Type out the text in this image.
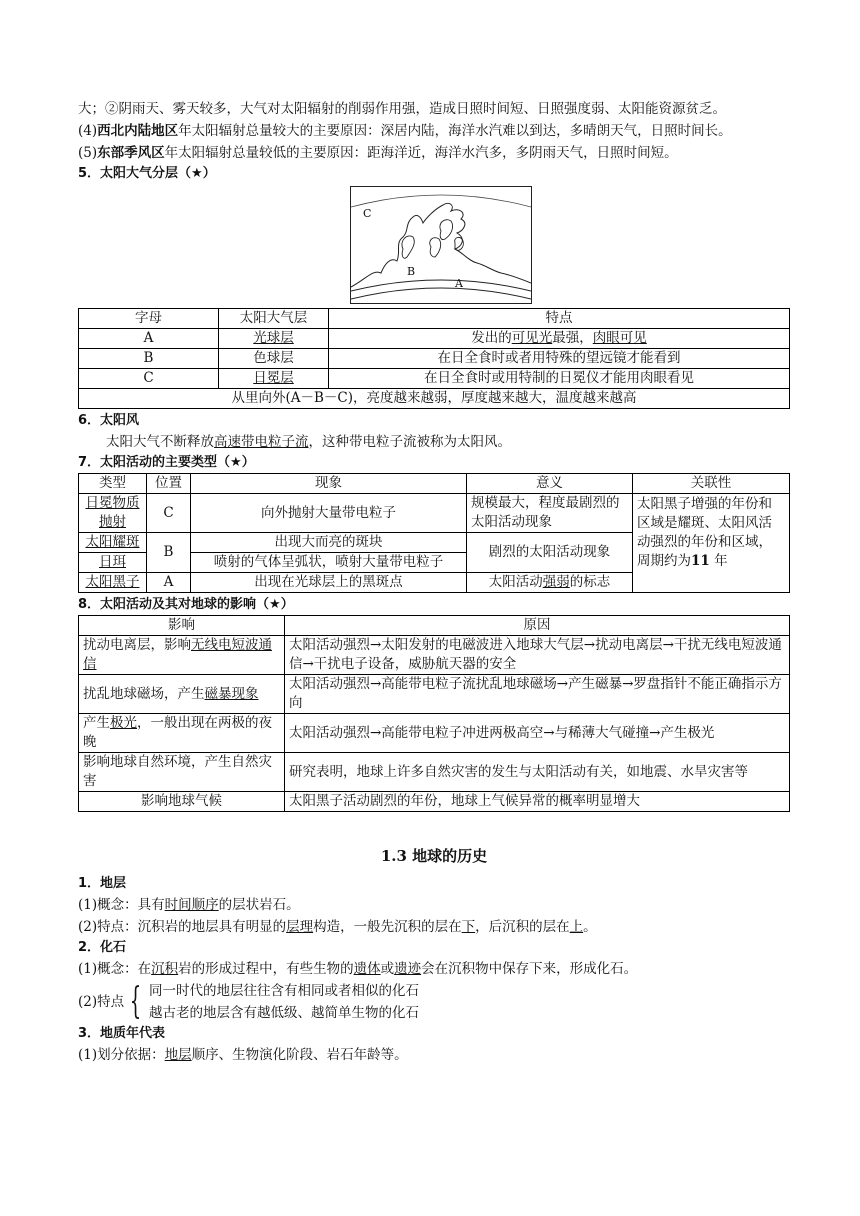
大；②阴雨天、雾天较多，大气对太阳辐射的削弱作用强，造成日照时间短、日照强度弱、太阳能资源贫乏。

(4)西北内陆地区年太阳辐射总量较大的主要原因：深居内陆，海洋水汽难以到达，多晴朗天气，日照时间长。

(5)东部季风区年太阳辐射总量较低的主要原因：距海洋近，海洋水汽多，多阴雨天气，日照时间短。

5．太阳大气分层（★）

C
B
A
字母	太阳大气层	特点
A	光球层	发出的可见光最强，肉眼可见
B	色球层	在日全食时或者用特殊的望远镜才能看到
C	日冕层	在日全食时或用特制的日冕仪才能用肉眼看见
从里向外(A－B－C)，亮度越来越弱，厚度越来越大，温度越来越高		

6．太阳风

太阳大气不断释放高速带电粒子流，这种带电粒子流被称为太阳风。

7．太阳活动的主要类型（★）

类型	位置	现象	意义	关联性
日冕物质抛射	C	向外抛射大量带电粒子	规模最大，程度最剧烈的太阳活动现象	太阳黑子增强的年份和区域是耀斑、太阳风活动强烈的年份和区域，周期约为11 年
太阳耀斑	B	出现大而亮的斑块	剧烈的太阳活动现象	
日珥		喷射的气体呈弧状，喷射大量带电粒子		
太阳黑子	A	出现在光球层上的黑斑点	太阳活动强弱的标志	

8．太阳活动及其对地球的影响（★）

影响	原因
扰动电离层，影响无线电短波通信	太阳活动强烈→太阳发射的电磁波进入地球大气层→扰动电离层→干扰无线电短波通信→干扰电子设备，威胁航天器的安全
扰乱地球磁场，产生磁暴现象	太阳活动强烈→高能带电粒子流扰乱地球磁场→产生磁暴→罗盘指针不能正确指示方向
产生极光，一般出现在两极的夜晚	太阳活动强烈→高能带电粒子冲进两极高空→与稀薄大气碰撞→产生极光
影响地球自然环境，产生自然灾害	研究表明，地球上许多自然灾害的发生与太阳活动有关，如地震、水旱灾害等
影响地球气候	太阳黑子活动剧烈的年份，地球上气候异常的概率明显增大

1.3 地球的历史

1．地层

(1)概念：具有时间顺序的层状岩石。

(2)特点：沉积岩的地层具有明显的层理构造，一般先沉积的层在下，后沉积的层在上。

2．化石

(1)概念：在沉积岩的形成过程中，有些生物的遗体或遗迹会在沉积物中保存下来，形成化石。

(2)特点 { 同一时代的地层往往含有相同或者相似的化石

越古老的地层含有越低级、越简单生物的化石

3．地质年代表

(1)划分依据：地层顺序、生物演化阶段、岩石年龄等。
